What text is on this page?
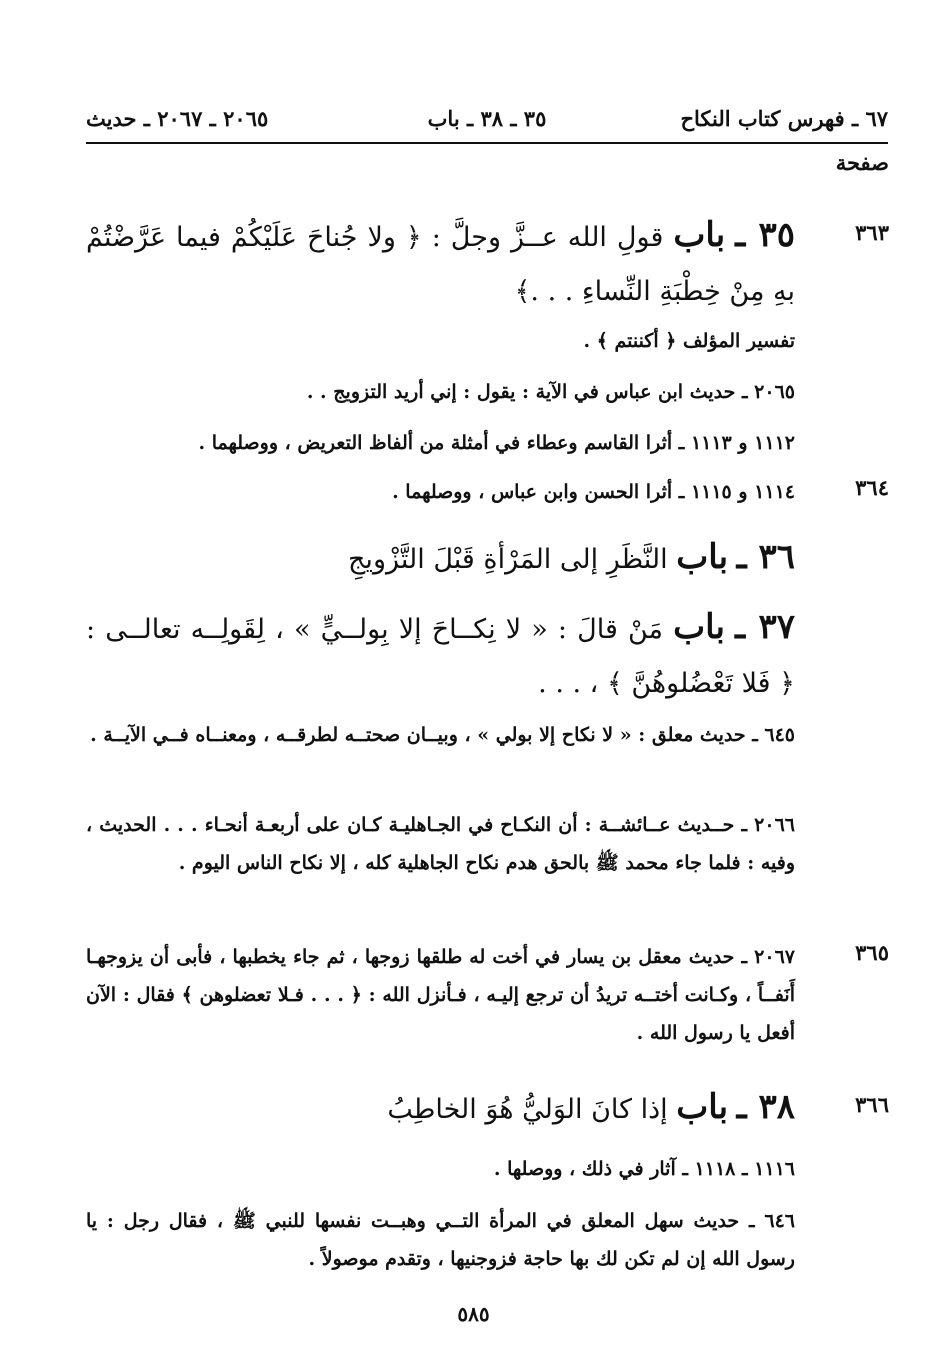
٦٧ ـ فهرس كتاب النكاح
٣٥ ـ ٣٨ ـ باب
٢٠٦٥ ـ ٢٠٦٧ ـ حديث
صفحة
٣٦٣
٣٥ ـ باب قولِ الله عــزَّ وجلَّ : ﴿ ولا جُناحَ عَلَيْكُمْ فيما عَرَّضْتُمْ بهِ مِنْ خِطْبَةِ النِّساءِ . . .﴾
تفسير المؤلف ﴿ أكننتم ﴾ .
٢٠٦٥ ـ حديث ابن عباس في الآية : يقول : إني أريد التزويج . .
١١١٢ و ١١١٣ ـ أثرا القاسم وعطاء في أمثلة من ألفاظ التعريض ، ووصلهما .
٣٦٤
١١١٤ و ١١١٥ ـ أثرا الحسن وابن عباس ، ووصلهما .
٣٦ ـ باب النَّظَرِ إلى المَرْأةِ قَبْلَ التَّزْويجِ
٣٧ ـ باب مَنْ قالَ : « لا نِكــاحَ إلا بِولــيٍّ » ، لِقَولِــه تعالــى : ﴿ فَلا تَعْضُلوهُنَّ ﴾ ، . . .
٦٤٥ ـ حديث معلق : « لا نكاح إلا بولي » ، وبيــان صحتــه لطرقــه ، ومعنــاه فــي الآيــة .
٢٠٦٦ ـ حــديث عــائشــة : أن النكـاح في الجـاهليـة كـان على أربعـة أنحـاء . . . الحديث ، وفيه : فلما جاء محمد ﷺ بالحق هدم نكاح الجاهلية كله ، إلا نكاح الناس اليوم .
٣٦٥
٢٠٦٧ ـ حديث معقل بن يسار في أخت له طلقها زوجها ، ثم جاء يخطبها ، فأبى أن يزوجهـا أَنَفــاً ، وكـانت أختــه تريدُ أن ترجع إليـه ، فـأنزل الله : ﴿ . . . فـلا تعضلوهن ﴾ فقال : الآن أفعل يا رسول الله .
٣٦٦
٣٨ ـ باب إذا كانَ الوَليُّ هُوَ الخاطِبُ
١١١٦ ـ ١١١٨ ـ آثار في ذلك ، ووصلها .
٦٤٦ ـ حديث سهل المعلق في المرأة التــي وهبــت نفسها للنبي ﷺ ، فقال رجل : يا رسول الله إن لم تكن لك بها حاجة فزوجنيها ، وتقدم موصولاً .
٥٨٥
